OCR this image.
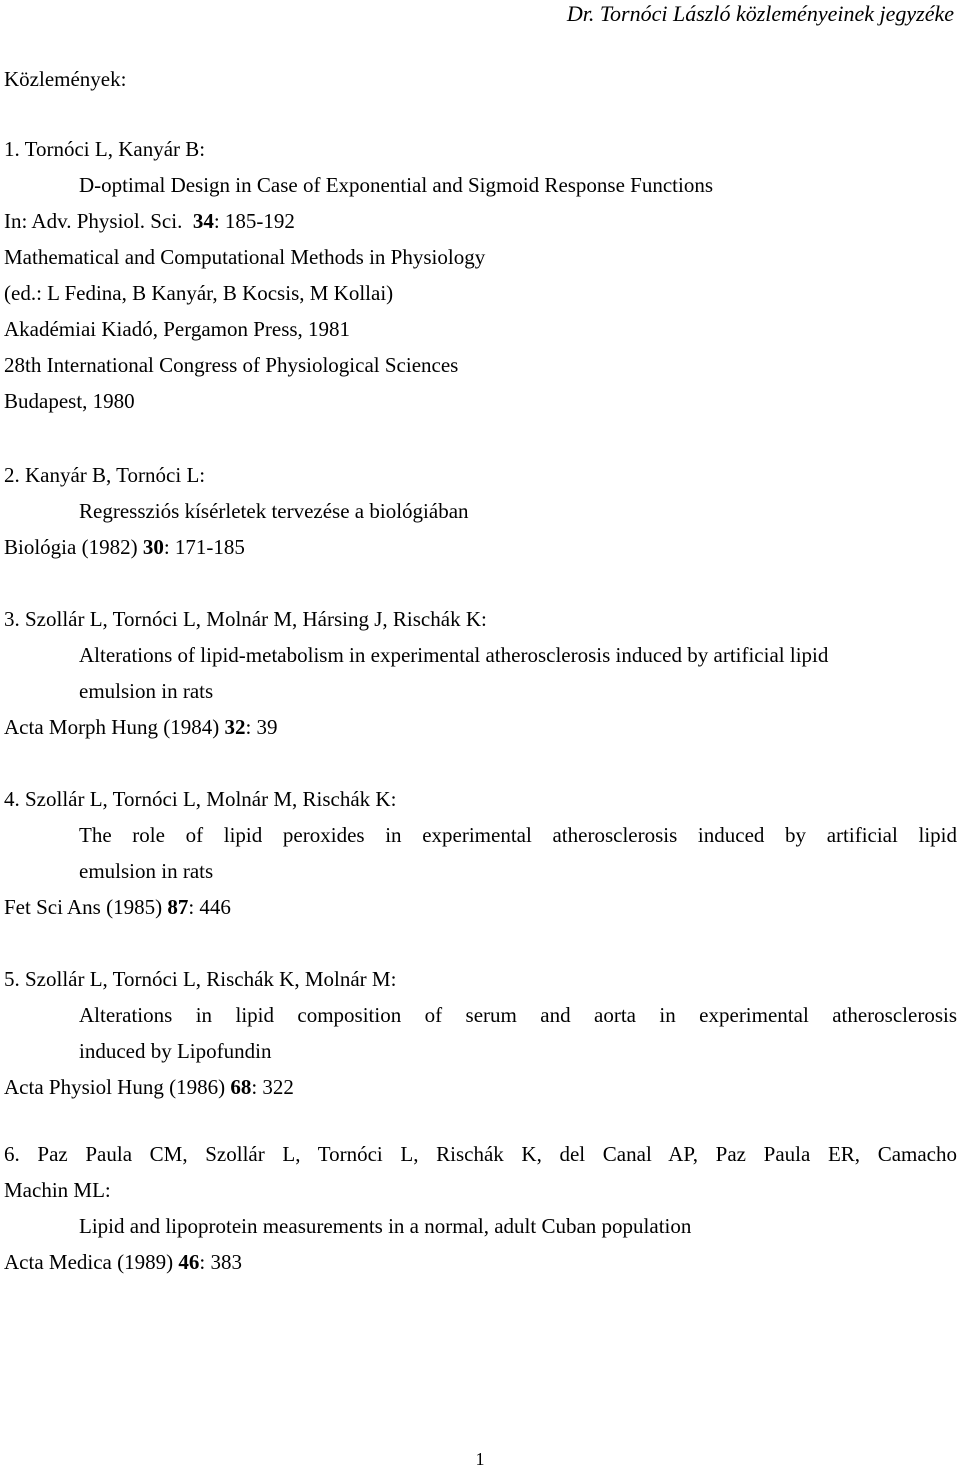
Dr. Tornóci László közleményeinek jegyzéke
Közlemények:
1. Tornóci L, Kanyár B:
D-optimal Design in Case of Exponential and Sigmoid Response Functions
In: Adv. Physiol. Sci. 34: 185-192
Mathematical and Computational Methods in Physiology
(ed.: L Fedina, B Kanyár, B Kocsis, M Kollai)
Akadémiai Kiadó, Pergamon Press, 1981
28th International Congress of Physiological Sciences
Budapest, 1980
2. Kanyár B, Tornóci L:
Regressziós kísérletek tervezése a biológiában
Biológia (1982) 30: 171-185
3. Szollár L, Tornóci L, Molnár M, Hársing J, Rischák K:
Alterations of lipid-metabolism in experimental atherosclerosis induced by artificial lipid
emulsion in rats
Acta Morph Hung (1984) 32: 39
4. Szollár L, Tornóci L, Molnár M, Rischák K:
The role of lipid peroxides in experimental atherosclerosis induced by artificial lipid
emulsion in rats
Fet Sci Ans (1985) 87: 446
5. Szollár L, Tornóci L, Rischák K, Molnár M:
Alterations in lipid composition of serum and aorta in experimental atherosclerosis
induced by Lipofundin
Acta Physiol Hung (1986) 68: 322
6. Paz Paula CM, Szollár L, Tornóci L, Rischák K, del Canal AP, Paz Paula ER, Camacho
Machin ML:
Lipid and lipoprotein measurements in a normal, adult Cuban population
Acta Medica (1989) 46: 383
1
